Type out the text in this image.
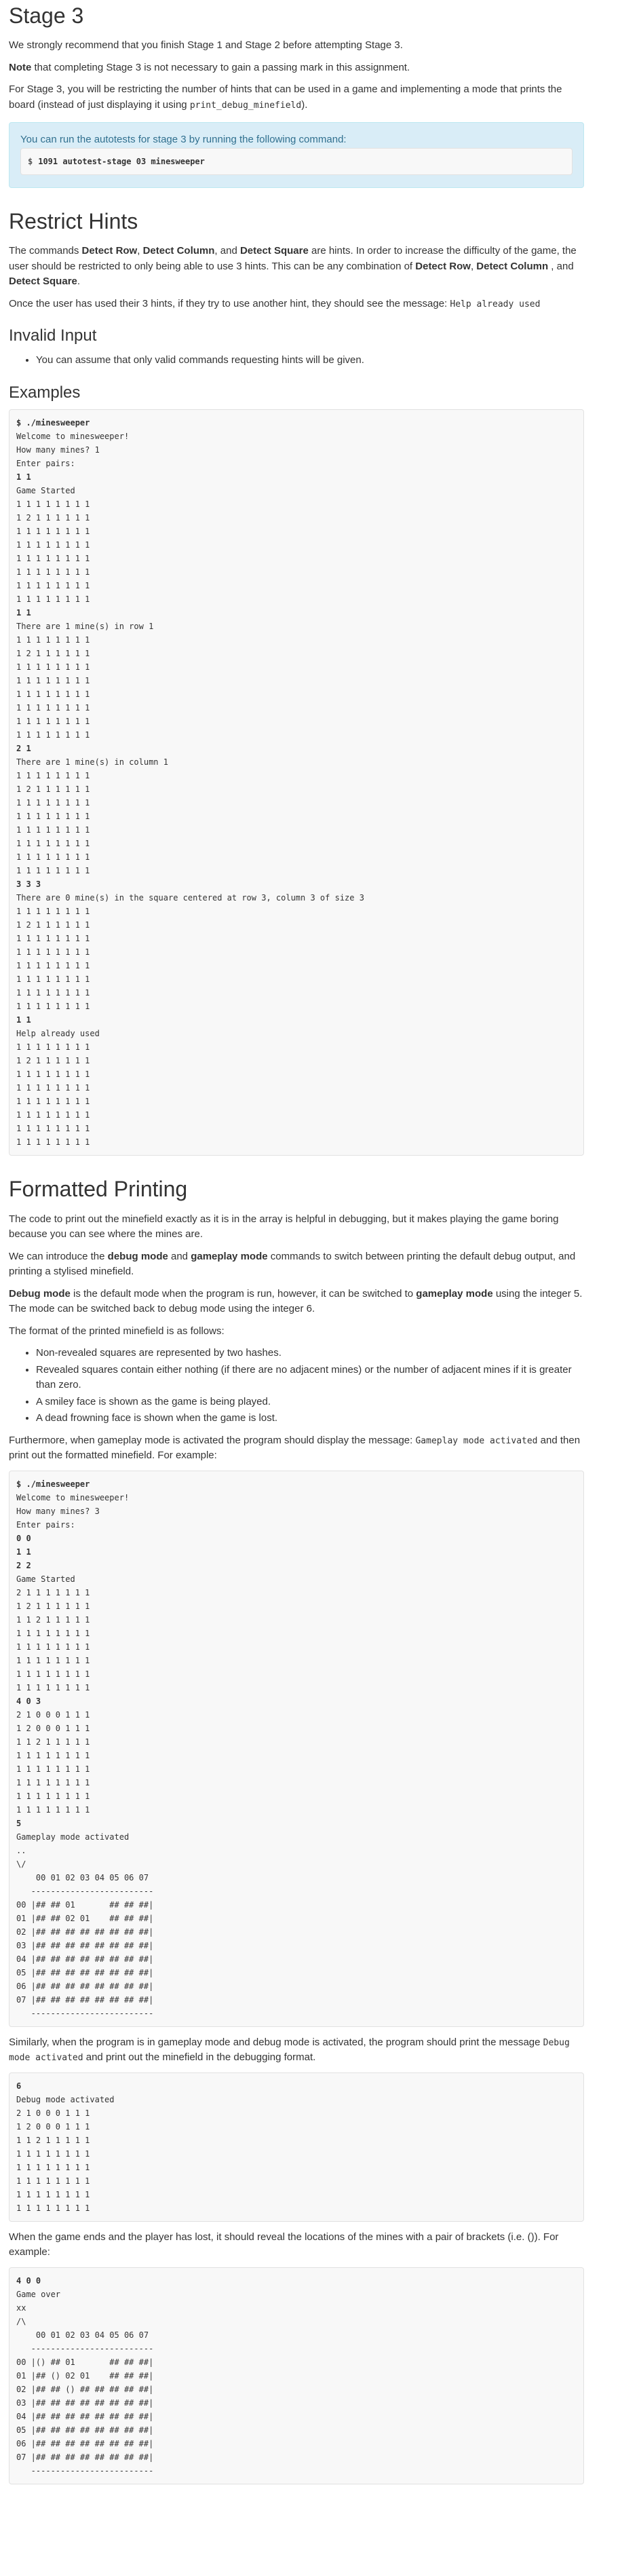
Stage 3

We strongly recommend that you finish Stage 1 and Stage 2 before attempting Stage 3.

Note that completing Stage 3 is not necessary to gain a passing mark in this assignment.

For Stage 3, you will be restricting the number of hints that can be used in a game and implementing a mode that prints the board (instead of just displaying it using print_debug_minefield).

You can run the autotests for stage 3 by running the following command:
$ 1091 autotest-stage 03 minesweeper
Restrict Hints

The commands Detect Row, Detect Column, and Detect Square are hints. In order to increase the difficulty of the game, the user should be restricted to only being able to use 3 hints. This can be any combination of Detect Row, Detect Column , and Detect Square.

Once the user has used their 3 hints, if they try to use another hint, they should see the message: Help already used

Invalid Input
• You can assume that only valid commands requesting hints will be given.
Examples
$ ./minesweeper
Welcome to minesweeper!
How many mines? 1
Enter pairs:
1 1
Game Started
1 1 1 1 1 1 1 1
1 2 1 1 1 1 1 1
1 1 1 1 1 1 1 1
1 1 1 1 1 1 1 1
1 1 1 1 1 1 1 1
1 1 1 1 1 1 1 1
1 1 1 1 1 1 1 1
1 1 1 1 1 1 1 1
1 1
There are 1 mine(s) in row 1
1 1 1 1 1 1 1 1
1 2 1 1 1 1 1 1
1 1 1 1 1 1 1 1
1 1 1 1 1 1 1 1
1 1 1 1 1 1 1 1
1 1 1 1 1 1 1 1
1 1 1 1 1 1 1 1
1 1 1 1 1 1 1 1
2 1
There are 1 mine(s) in column 1
1 1 1 1 1 1 1 1
1 2 1 1 1 1 1 1
1 1 1 1 1 1 1 1
1 1 1 1 1 1 1 1
1 1 1 1 1 1 1 1
1 1 1 1 1 1 1 1
1 1 1 1 1 1 1 1
1 1 1 1 1 1 1 1
3 3 3
There are 0 mine(s) in the square centered at row 3, column 3 of size 3
1 1 1 1 1 1 1 1
1 2 1 1 1 1 1 1
1 1 1 1 1 1 1 1
1 1 1 1 1 1 1 1
1 1 1 1 1 1 1 1
1 1 1 1 1 1 1 1
1 1 1 1 1 1 1 1
1 1 1 1 1 1 1 1
1 1
Help already used
1 1 1 1 1 1 1 1
1 2 1 1 1 1 1 1
1 1 1 1 1 1 1 1
1 1 1 1 1 1 1 1
1 1 1 1 1 1 1 1
1 1 1 1 1 1 1 1
1 1 1 1 1 1 1 1
1 1 1 1 1 1 1 1
Formatted Printing

The code to print out the minefield exactly as it is in the array is helpful in debugging, but it makes playing the game boring because you can see where the mines are.

We can introduce the debug mode and gameplay mode commands to switch between printing the default debug output, and printing a stylised minefield.

Debug mode is the default mode when the program is run, however, it can be switched to gameplay mode using the integer 5. The mode can be switched back to debug mode using the integer 6.

The format of the printed minefield is as follows:

• Non-revealed squares are represented by two hashes.
• Revealed squares contain either nothing (if there are no adjacent mines) or the number of adjacent mines if it is greater than zero.
• A smiley face is shown as the game is being played.
• A dead frowning face is shown when the game is lost.

Furthermore, when gameplay mode is activated the program should display the message: Gameplay mode activated and then print out the formatted minefield. For example:

$ ./minesweeper
Welcome to minesweeper!
How many mines? 3
Enter pairs:
0 0
1 1
2 2
Game Started
2 1 1 1 1 1 1 1
1 2 1 1 1 1 1 1
1 1 2 1 1 1 1 1
1 1 1 1 1 1 1 1
1 1 1 1 1 1 1 1
1 1 1 1 1 1 1 1
1 1 1 1 1 1 1 1
1 1 1 1 1 1 1 1
4 0 3
2 1 0 0 0 1 1 1
1 2 0 0 0 1 1 1
1 1 2 1 1 1 1 1
1 1 1 1 1 1 1 1
1 1 1 1 1 1 1 1
1 1 1 1 1 1 1 1
1 1 1 1 1 1 1 1
1 1 1 1 1 1 1 1
5
Gameplay mode activated
..
\/
00 01 02 03 04 05 06 07
-------------------------
00 |## ## 01       ## ## ##|
01 |## ## 02 01    ## ## ##|
02 |## ## ## ## ## ## ## ##|
03 |## ## ## ## ## ## ## ##|
04 |## ## ## ## ## ## ## ##|
05 |## ## ## ## ## ## ## ##|
06 |## ## ## ## ## ## ## ##|
07 |## ## ## ## ## ## ## ##|
-------------------------

Similarly, when the program is in gameplay mode and debug mode is activated, the program should print the message Debug mode activated and print out the minefield in the debugging format.

6
Debug mode activated
2 1 0 0 0 1 1 1
1 2 0 0 0 1 1 1
1 1 2 1 1 1 1 1
1 1 1 1 1 1 1 1
1 1 1 1 1 1 1 1
1 1 1 1 1 1 1 1
1 1 1 1 1 1 1 1
1 1 1 1 1 1 1 1

When the game ends and the player has lost, it should reveal the locations of the mines with a pair of brackets (i.e. ()). For example:

4 0 0
Game over
xx
/\
00 01 02 03 04 05 06 07
-------------------------
00 |() ## 01       ## ## ##|
01 |## () 02 01    ## ## ##|
02 |## ## () ## ## ## ## ##|
03 |## ## ## ## ## ## ## ##|
04 |## ## ## ## ## ## ## ##|
05 |## ## ## ## ## ## ## ##|
06 |## ## ## ## ## ## ## ##|
07 |## ## ## ## ## ## ## ##|
-------------------------
